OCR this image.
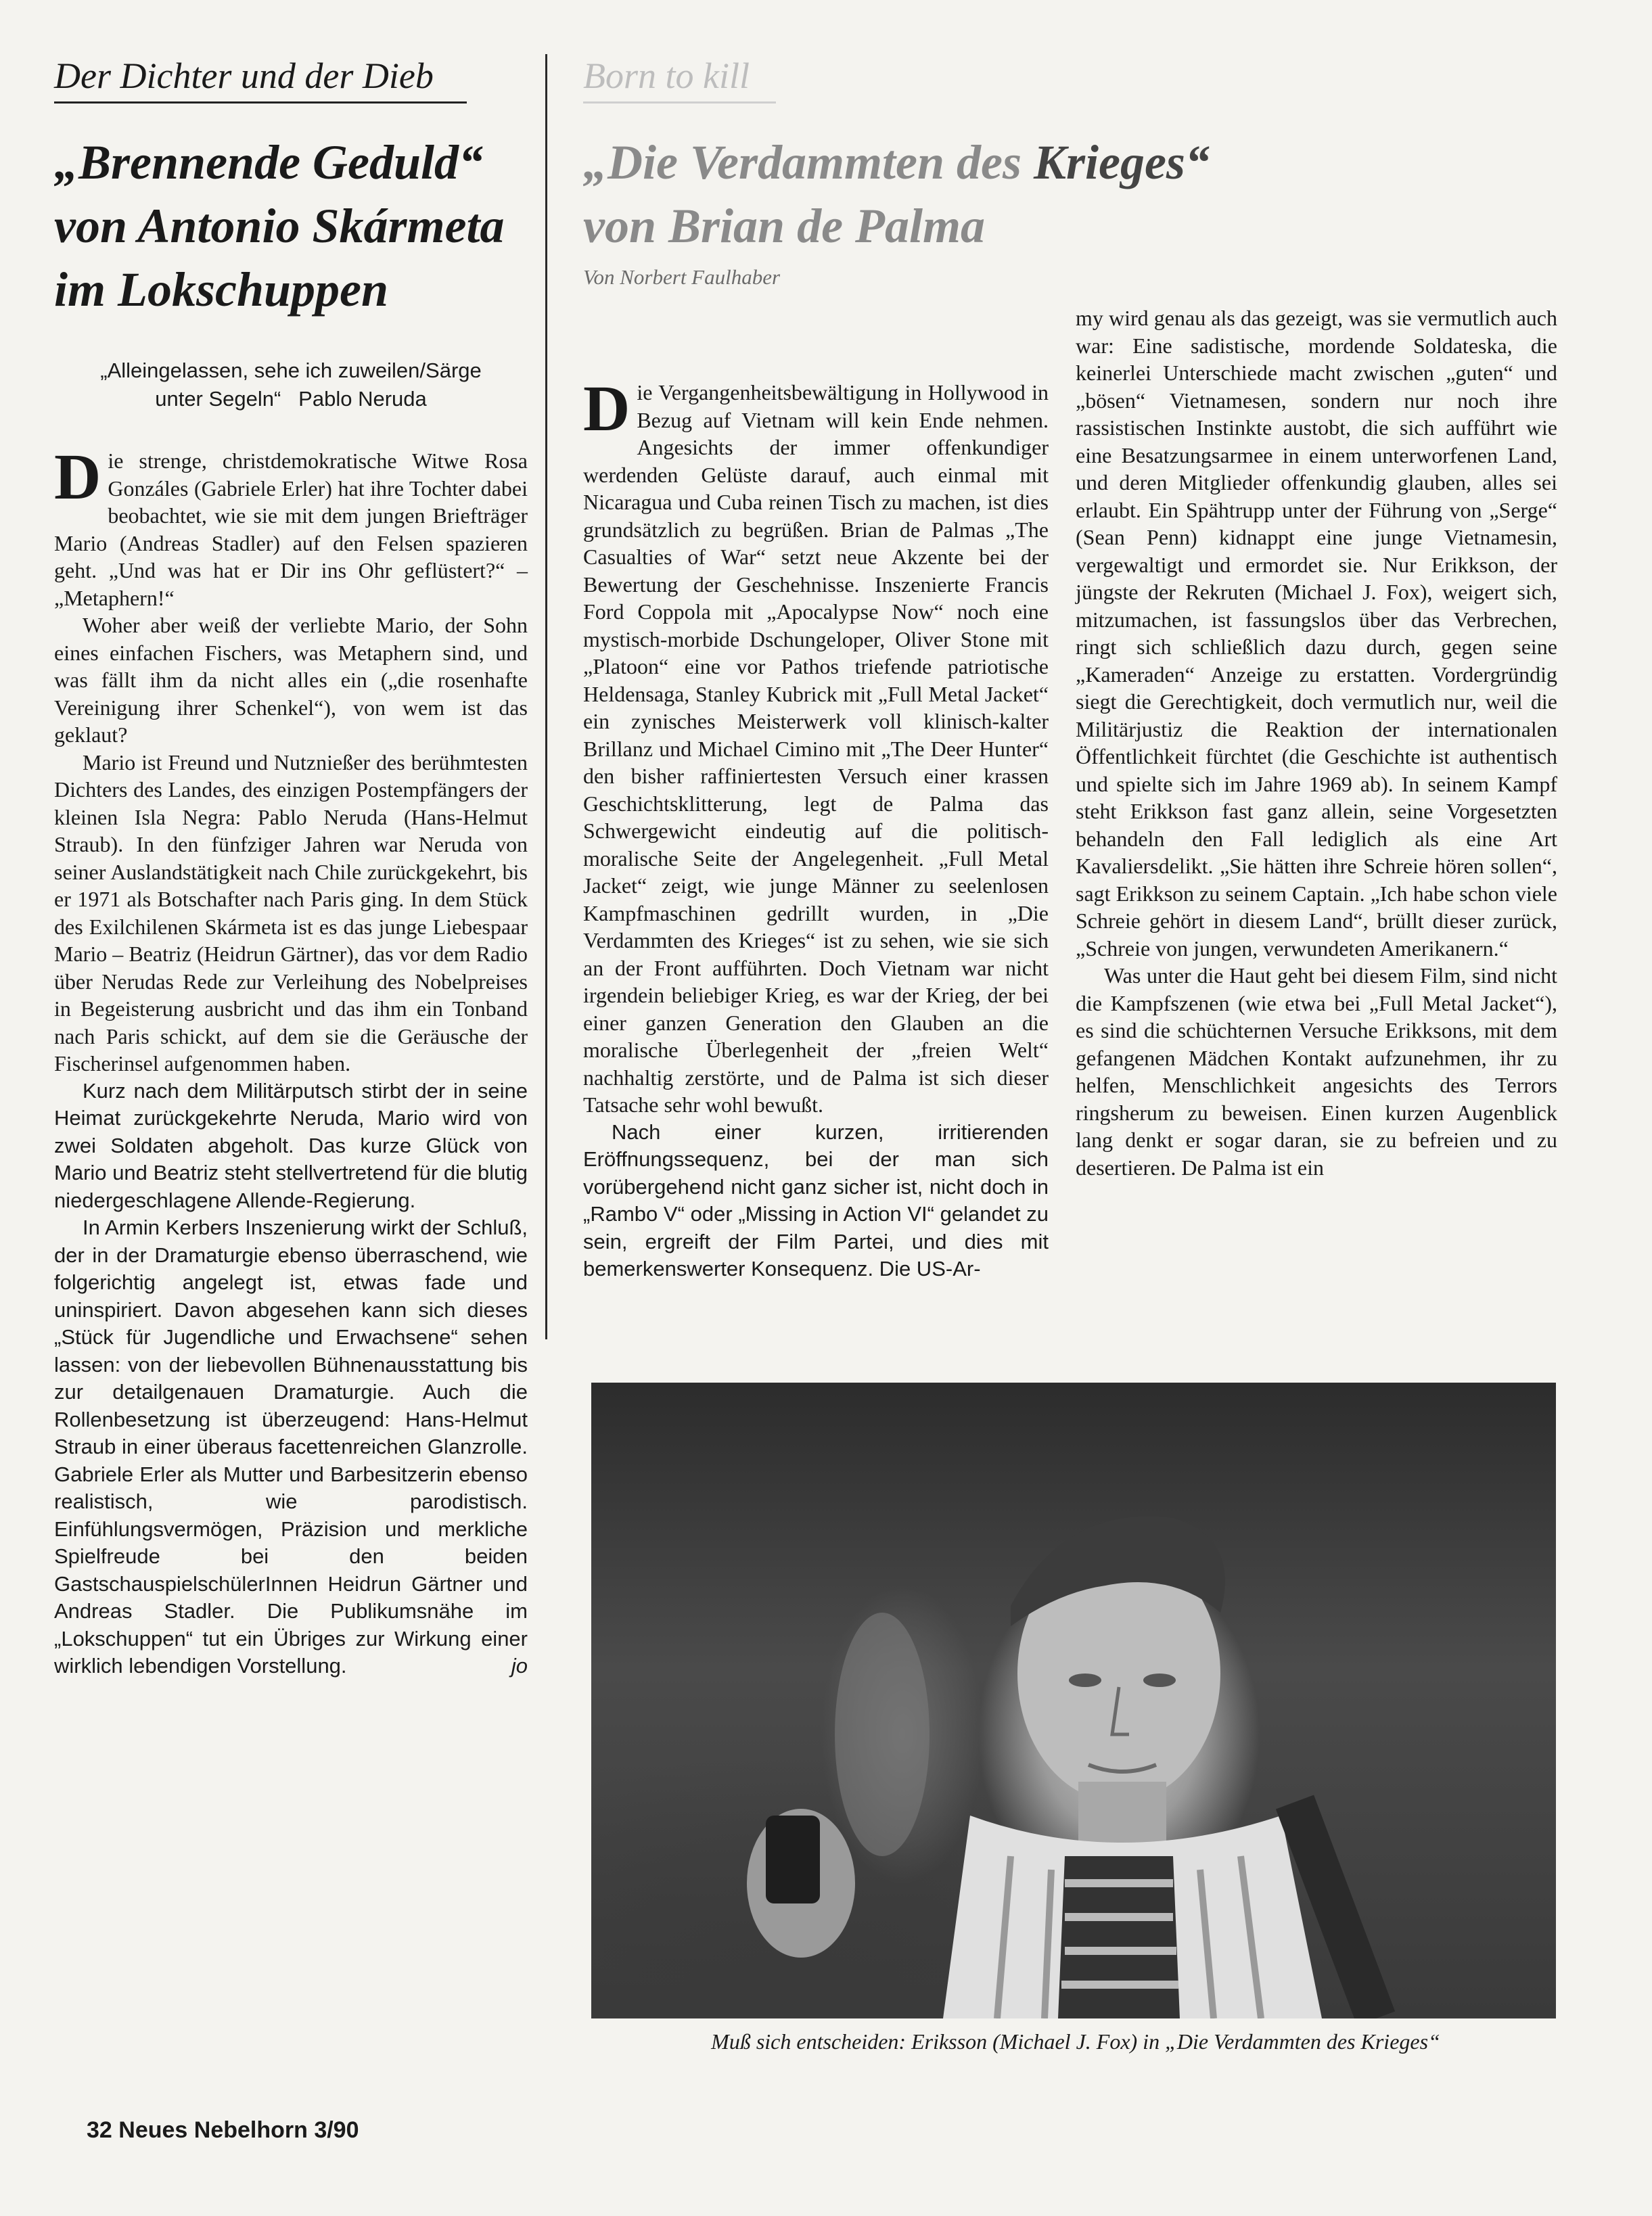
Der Dichter und der Dieb
„Brennende Geduld“
von Antonio Skármeta
im Lokschuppen
„Alleingelassen, sehe ich zuweilen/Särge
unter Segeln“   Pablo Neruda

Die strenge, christdemokratische Witwe Rosa Gonzáles (Gabriele Erler) hat ihre Tochter dabei beobachtet, wie sie mit dem jungen Briefträger Mario (Andreas Stadler) auf den Felsen spazieren geht. „Und was hat er Dir ins Ohr geflüstert?“ – „Metaphern!“

Woher aber weiß der verliebte Mario, der Sohn eines einfachen Fischers, was Metaphern sind, und was fällt ihm da nicht alles ein („die rosenhafte Vereinigung ihrer Schenkel“), von wem ist das geklaut?

Mario ist Freund und Nutznießer des berühmtesten Dichters des Landes, des einzigen Postempfängers der kleinen Isla Negra: Pablo Neruda (Hans-Helmut Straub). In den fünfziger Jahren war Neruda von seiner Auslandstätigkeit nach Chile zurückgekehrt, bis er 1971 als Botschafter nach Paris ging. In dem Stück des Exilchilenen Skármeta ist es das junge Liebespaar Mario – Beatriz (Heidrun Gärtner), das vor dem Radio über Nerudas Rede zur Verleihung des Nobelpreises in Begeisterung ausbricht und das ihm ein Tonband nach Paris schickt, auf dem sie die Geräusche der Fischerinsel aufgenommen haben.

Kurz nach dem Militärputsch stirbt der in seine Heimat zurückgekehrte Neruda, Mario wird von zwei Soldaten abgeholt. Das kurze Glück von Mario und Beatriz steht stellvertretend für die blutig niedergeschlagene Allende-Regierung.

In Armin Kerbers Inszenierung wirkt der Schluß, der in der Dramaturgie ebenso überraschend, wie folgerichtig angelegt ist, etwas fade und uninspiriert. Davon abgesehen kann sich dieses „Stück für Jugendliche und Erwachsene“ sehen lassen: von der liebevollen Bühnenausstattung bis zur detailgenauen Dramaturgie. Auch die Rollenbesetzung ist überzeugend: Hans-Helmut Straub in einer überaus facettenreichen Glanzrolle. Gabriele Erler als Mutter und Barbesitzerin ebenso realistisch, wie parodistisch. Einfühlungsvermögen, Präzision und merkliche Spielfreude bei den beiden GastschauspielschülerInnen Heidrun Gärtner und Andreas Stadler. Die Publikumsnähe im „Lokschuppen“ tut ein Übriges zur Wirkung einer wirklich lebendigen Vorstellung.	jo

Born to kill
„Die Verdammten des Krieges“
von Brian de Palma
Von Norbert Faulhaber

Die Vergangenheitsbewältigung in Hollywood in Bezug auf Vietnam will kein Ende nehmen. Angesichts der immer offenkundiger werdenden Gelüste darauf, auch einmal mit Nicaragua und Cuba reinen Tisch zu machen, ist dies grundsätzlich zu begrüßen. Brian de Palmas „The Casualties of War“ setzt neue Akzente bei der Bewertung der Geschehnisse. Inszenierte Francis Ford Coppola mit „Apocalypse Now“ noch eine mystisch-morbide Dschungeloper, Oliver Stone mit „Platoon“ eine vor Pathos triefende patriotische Heldensaga, Stanley Kubrick mit „Full Metal Jacket“ ein zynisches Meisterwerk voll klinisch-kalter Brillanz und Michael Cimino mit „The Deer Hunter“ den bisher raffiniertesten Versuch einer krassen Geschichtsklitterung, legt de Palma das Schwergewicht eindeutig auf die politisch-moralische Seite der Angelegenheit. „Full Metal Jacket“ zeigt, wie junge Männer zu seelenlosen Kampfmaschinen gedrillt wurden, in „Die Verdammten des Krieges“ ist zu sehen, wie sie sich an der Front aufführten. Doch Vietnam war nicht irgendein beliebiger Krieg, es war der Krieg, der bei einer ganzen Generation den Glauben an die moralische Überlegenheit der „freien Welt“ nachhaltig zerstörte, und de Palma ist sich dieser Tatsache sehr wohl bewußt.

Nach einer kurzen, irritierenden Eröffnungssequenz, bei der man sich vorübergehend nicht ganz sicher ist, nicht doch in „Rambo V“ oder „Missing in Action VI“ gelandet zu sein, ergreift der Film Partei, und dies mit bemerkenswerter Konsequenz. Die US-Ar-

my wird genau als das gezeigt, was sie vermutlich auch war: Eine sadistische, mordende Soldateska, die keinerlei Unterschiede macht zwischen „guten“ und „bösen“ Vietnamesen, sondern nur noch ihre rassistischen Instinkte austobt, die sich aufführt wie eine Besatzungsarmee in einem unterworfenen Land, und deren Mitglieder offenkundig glauben, alles sei erlaubt. Ein Spähtrupp unter der Führung von „Serge“ (Sean Penn) kidnappt eine junge Vietnamesin, vergewaltigt und ermordet sie. Nur Erikkson, der jüngste der Rekruten (Michael J. Fox), weigert sich, mitzumachen, ist fassungslos über das Verbrechen, ringt sich schließlich dazu durch, gegen seine „Kameraden“ Anzeige zu erstatten. Vordergründig siegt die Gerechtigkeit, doch vermutlich nur, weil die Militärjustiz die Reaktion der internationalen Öffentlichkeit fürchtet (die Geschichte ist authentisch und spielte sich im Jahre 1969 ab). In seinem Kampf steht Erikkson fast ganz allein, seine Vorgesetzten behandeln den Fall lediglich als eine Art Kavaliersdelikt. „Sie hätten ihre Schreie hören sollen“, sagt Erikkson zu seinem Captain. „Ich habe schon viele Schreie gehört in diesem Land“, brüllt dieser zurück, „Schreie von jungen, verwundeten Amerikanern.“

Was unter die Haut geht bei diesem Film, sind nicht die Kampfszenen (wie etwa bei „Full Metal Jacket“), es sind die schüchternen Versuche Erikksons, mit dem gefangenen Mädchen Kontakt aufzunehmen, ihr zu helfen, Menschlichkeit angesichts des Terrors ringsherum zu beweisen. Einen kurzen Augenblick lang denkt er sogar daran, sie zu befreien und zu desertieren. De Palma ist ein

Muß sich entscheiden: Eriksson (Michael J. Fox) in „Die Verdammten des Krieges“
32 Neues Nebelhorn 3/90
